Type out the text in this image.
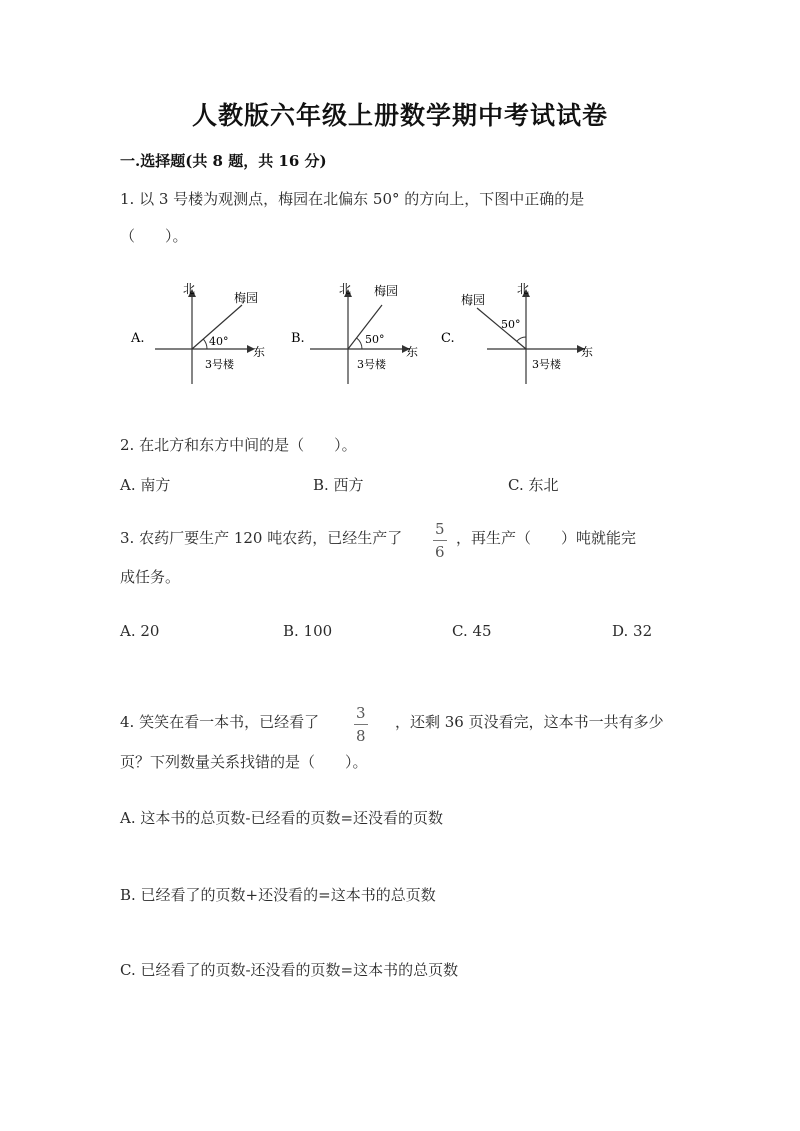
人教版六年级上册数学期中考试试卷
一.选择题(共 8 题，共 16 分)
1. 以 3 号楼为观测点，梅园在北偏东 50° 的方向上，下图中正确的是
（　　）。
A.
北
梅园
40°
东
3号楼
B.
北 梅园
50°
东
3号楼
C.
北
梅园
50°
东
3号楼
2. 在北方和东方中间的是（　　）。
A. 南方	B. 西方	C. 东北
3. 农药厂要生产 120 吨农药，已经生产了 5
6
，再生产（　　）吨就能完
成任务。
A. 20	B. 100	C. 45	D. 32
4. 笑笑在看一本书，已经看了 3
8
，还剩 36 页没看完，这本书一共有多少
页？下列数量关系找错的是（　　）。
A. 这本书的总页数-已经看的页数=还没看的页数
B. 已经看了的页数+还没看的=这本书的总页数
C. 已经看了的页数-还没看的页数=这本书的总页数
